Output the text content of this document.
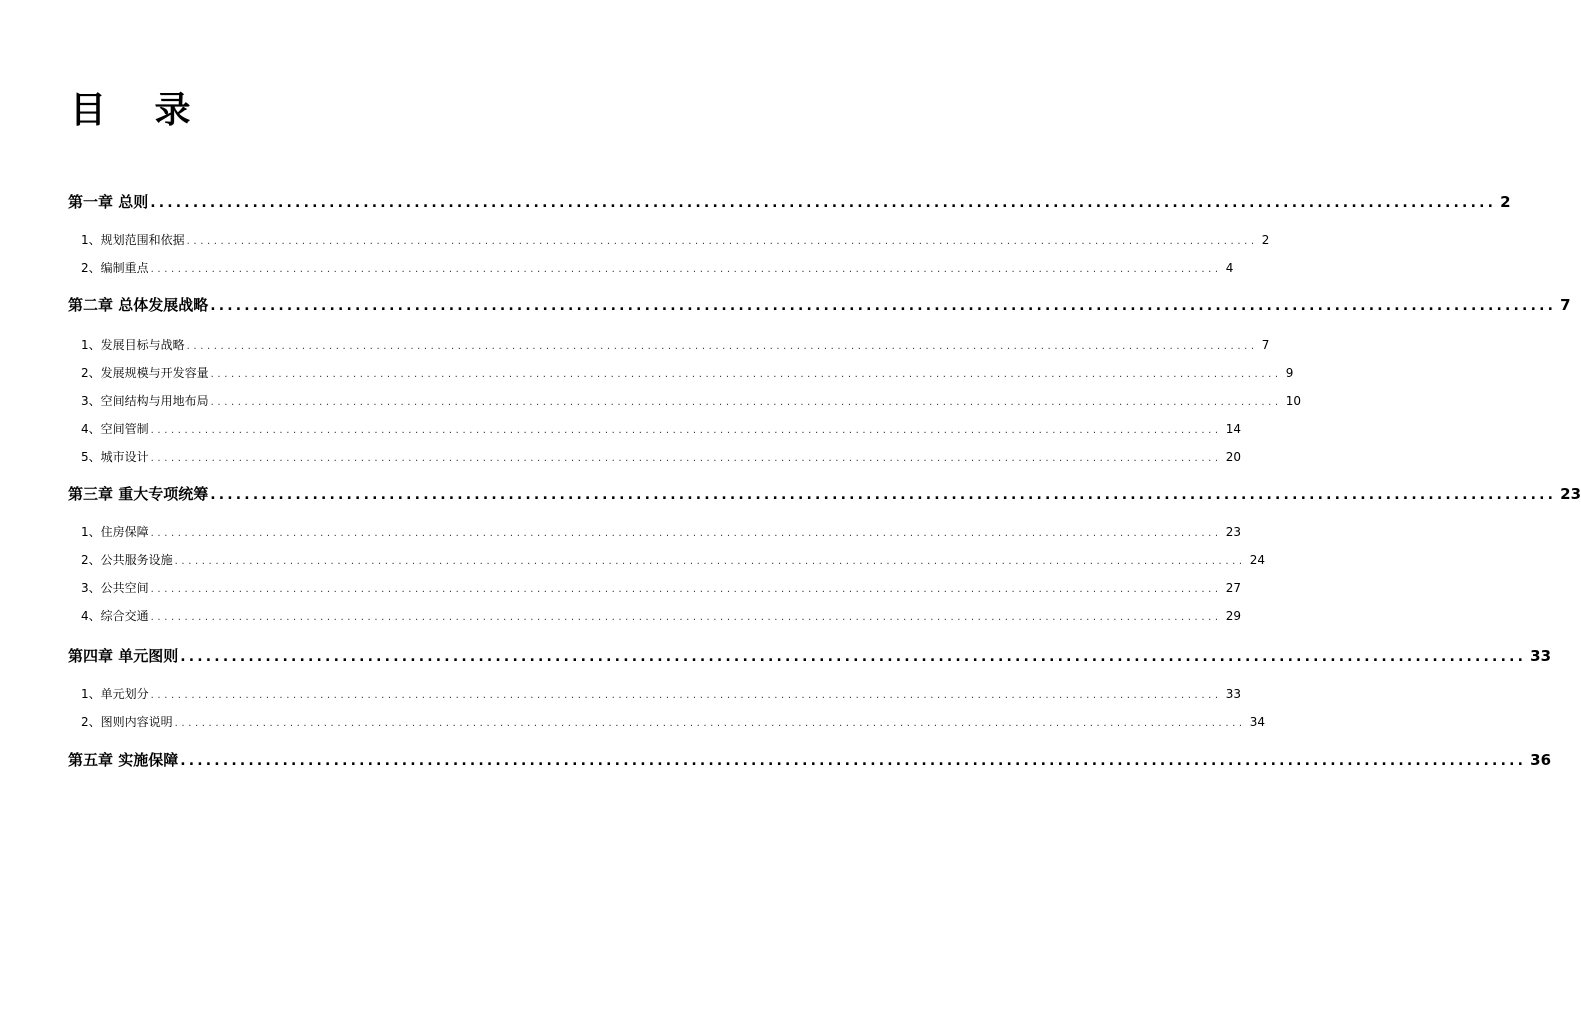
目 录
第一章 总则 .............................................................................................................................................................. 2
1、规划范围和依据 .............................................................................................................................................................. 2
2、编制重点 .............................................................................................................................................................. 4
第二章 总体发展战略 .............................................................................................................................................................. 7
1、发展目标与战略 .............................................................................................................................................................. 7
2、发展规模与开发容量 .............................................................................................................................................................. 9
3、空间结构与用地布局 .............................................................................................................................................................. 10
4、空间管制 .............................................................................................................................................................. 14
5、城市设计 .............................................................................................................................................................. 20
第三章 重大专项统筹 .............................................................................................................................................................. 23
1、住房保障 .............................................................................................................................................................. 23
2、公共服务设施 .............................................................................................................................................................. 24
3、公共空间 .............................................................................................................................................................. 27
4、综合交通 .............................................................................................................................................................. 29
第四章 单元图则 .............................................................................................................................................................. 33
1、单元划分 .............................................................................................................................................................. 33
2、图则内容说明 .............................................................................................................................................................. 34
第五章 实施保障 .............................................................................................................................................................. 36
